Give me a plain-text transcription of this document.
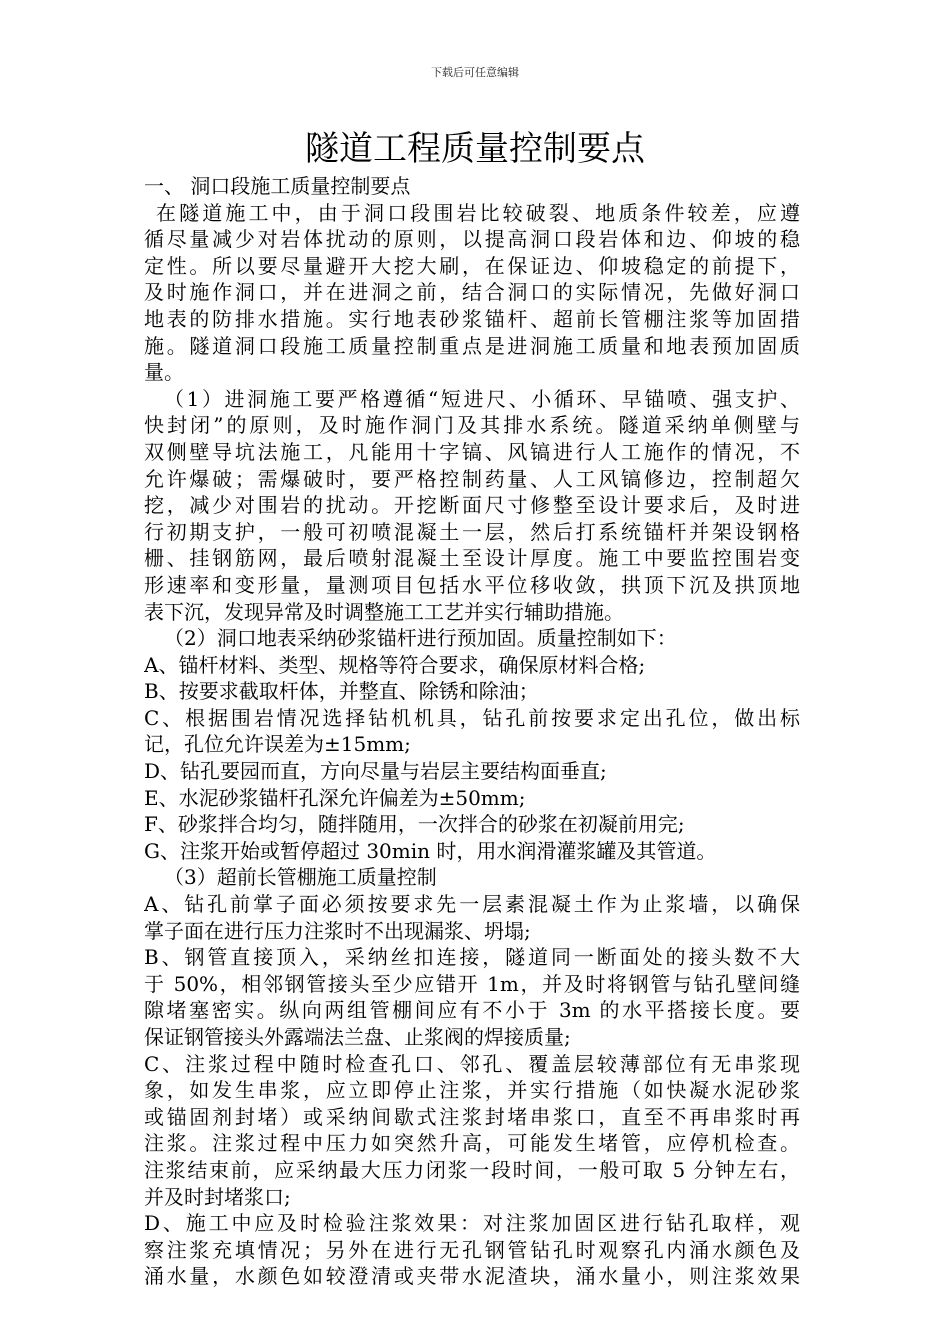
下载后可任意编辑
隧道工程质量控制要点
一、 洞口段施工质量控制要点
在隧道施工中，由于洞口段围岩比较破裂、地质条件较差，应遵
循尽量减少对岩体扰动的原则，以提高洞口段岩体和边、仰坡的稳
定性。所以要尽量避开大挖大刷，在保证边、仰坡稳定的前提下，
及时施作洞口，并在进洞之前，结合洞口的实际情况，先做好洞口
地表的防排水措施。实行地表砂浆锚杆、超前长管棚注浆等加固措
施。隧道洞口段施工质量控制重点是进洞施工质量和地表预加固质
量。
（1）进洞施工要严格遵循“短进尺、小循环、早锚喷、强支护、
快封闭”的原则，及时施作洞门及其排水系统。隧道采纳单侧壁与
双侧壁导坑法施工，凡能用十字镐、风镐进行人工施作的情况，不
允许爆破；需爆破时，要严格控制药量、人工风镐修边，控制超欠
挖，减少对围岩的扰动。开挖断面尺寸修整至设计要求后，及时进
行初期支护，一般可初喷混凝土一层，然后打系统锚杆并架设钢格
栅、挂钢筋网，最后喷射混凝土至设计厚度。施工中要监控围岩变
形速率和变形量，量测项目包括水平位移收敛，拱顶下沉及拱顶地
表下沉，发现异常及时调整施工工艺并实行辅助措施。
（2）洞口地表采纳砂浆锚杆进行预加固。质量控制如下：
A、锚杆材料、类型、规格等符合要求，确保原材料合格;
B、按要求截取杆体，并整直、除锈和除油；
C、根据围岩情况选择钻机机具，钻孔前按要求定出孔位，做出标
记，孔位允许误差为±15mm;
D、钻孔要园而直，方向尽量与岩层主要结构面垂直;
E、水泥砂浆锚杆孔深允许偏差为±50mm;
F、砂浆拌合均匀，随拌随用，一次拌合的砂浆在初凝前用完;
G、注浆开始或暂停超过 30min 时，用水润滑灌浆罐及其管道。
（3）超前长管棚施工质量控制
A、钻孔前掌子面必须按要求先一层素混凝土作为止浆墙，以确保
掌子面在进行压力注浆时不出现漏浆、坍塌;
B、钢管直接顶入，采纳丝扣连接，隧道同一断面处的接头数不大
于 50%，相邻钢管接头至少应错开 1m，并及时将钢管与钻孔壁间缝
隙堵塞密实。纵向两组管棚间应有不小于 3m 的水平搭接长度。要
保证钢管接头外露端法兰盘、止浆阀的焊接质量;
C、注浆过程中随时检查孔口、邻孔、覆盖层较薄部位有无串浆现
象，如发生串浆，应立即停止注浆，并实行措施（如快凝水泥砂浆
或锚固剂封堵）或采纳间歇式注浆封堵串浆口，直至不再串浆时再
注浆。注浆过程中压力如突然升高，可能发生堵管，应停机检查。
注浆结束前，应采纳最大压力闭浆一段时间，一般可取 5 分钟左右，
并及时封堵浆口;
D、施工中应及时检验注浆效果：对注浆加固区进行钻孔取样，观
察注浆充填情况；另外在进行无孔钢管钻孔时观察孔内涌水颜色及
涌水量，水颜色如较澄清或夹带水泥渣块，涌水量小，则注浆效果
